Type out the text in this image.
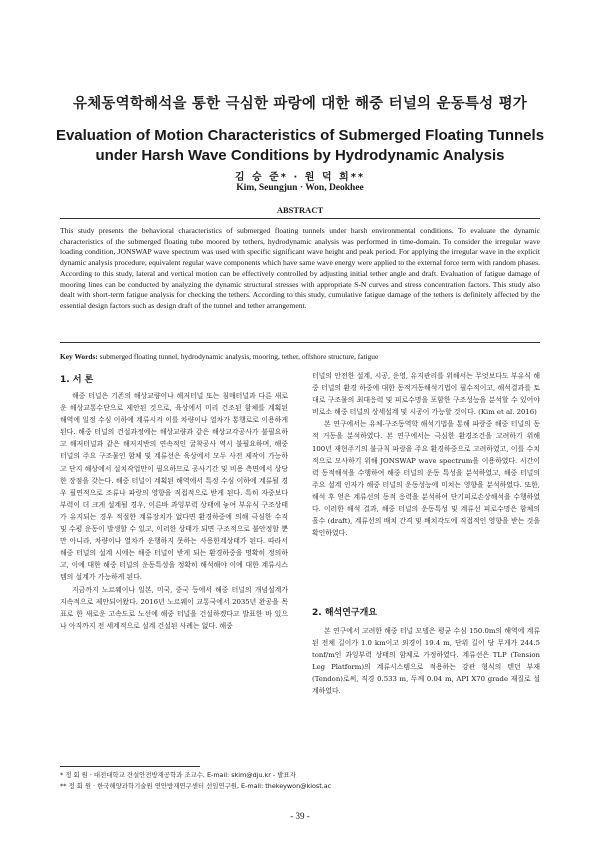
유체동역학해석을 통한 극심한 파랑에 대한 해중 터널의 운동특성 평가
Evaluation of Motion Characteristics of Submerged Floating Tunnels under Harsh Wave Conditions by Hydrodynamic Analysis
김 승 준* · 원 덕 희**
Kim, Seungjun · Won, Deokhee
ABSTRACT
This study presents the behavioral characteristics of submerged floating tunnels under harsh environmental conditions. To evaluate the dynamic characteristics of the submerged floating tube moored by tethers, hydrodynamic analysis was performed in time-domain. To consider the irregular wave loading condition, JONSWAP wave spectrum was used with specific significant wave height and peak period. For applying the irregular wave in the explicit dynamic analysis procedure, equivalent regular wave components which have same wave energy were applied to the external force term with random phases. According to this study, lateral and vertical motion can be effectively controlled by adjusting initial tether angle and draft. Evaluation of fatigue damage of mooring lines can be conducted by analyzing the dynamic structural stresses with appropriate S-N curves and stress concentration factors. This study also dealt with short-term fatigue analysis for checking the tethers. According to this study, cumulative fatigue damage of the tethers is definitely affected by the essential design factors such as design draft of the tunnel and tether arrangement.
Key Words: submerged floating tunnel, hydrodynamic analysis, mooring, tether, offshore structure, fatigue
1. 서 론

해중 터널은 기존의 해상교량이나 해저터널 또는 침매터널과 다른 새로운 해상교통수단으로 제안된 것으로, 육상에서 미리 건조된 함체를 계획된 해역에 일정 수심 이하에 계류시켜 이를 차량이나 열차가 통행로로 이용하게 된다. 해중 터널의 건설과정에는 해상교량과 같은 해상교각공사가 불필요하고 해저터널과 같은 해저지반의 연속적인 굴착공사 역시 불필요하며, 해중 터널의 주요 구조물인 함체 및 계류선은 육상에서 모두 사전 제작이 가능하고 단지 해상에서 설치작업만이 필요하므로 공사기간 및 비용 측면에서 상당한 장점을 갖는다. 해중 터널이 계획된 해역에서 특정 수심 이하에 계류될 경우 필연적으로 조류나 파랑의 영향을 직접적으로 받게 된다. 특히 자중보다 부력이 더 크게 설계될 경우, 이른바 과잉부력 상태에 놓여 부유식 구조상태가 유지되는 경우 적절한 계류장치가 없다면 환경하중에 의해 극심한 수직 및 수평 운동이 발생할 수 있고, 이러한 상태가 되면 구조적으로 불안정할 뿐 만 아니라, 차량이나 열차가 운행하지 못하는 사용한계상태가 된다. 따라서 해중 터널의 설계 시에는 해중 터널이 받게 되는 환경하중을 명확히 정의하고, 이에 대한 해중 터널의 운동특성을 정확히 해석해야 이에 대한 계류시스템의 설계가 가능하게 된다.

지금까지 노르웨이나 일본, 미국, 중국 등에서 해중 터널의 개념설계가 지속적으로 제안되어왔다. 2016년 노르웨이 교통국에서 2035년 완공을 목표로 한 새로운 고속도로 노선에 해중 터널을 건설하겠다고 발표한 바 있으나 아직까지 전 세계적으로 설계 건설된 사례는 없다. 해중

터널의 안전한 설계, 시공, 운영, 유지관리를 위해서는 무엇보다도 부유식 해중 터널의 환경 하중에 대한 동적거동해석기법이 필수적이고, 해석결과를 토대로 구조물의 최대응력 및 피로수명을 포함한 구조성능을 분석할 수 있어야 비로소 해중 터널의 상세설계 및 시공이 가능할 것이다. (Kim et al. 2016)

본 연구에서는 유체-구조동역학 해석기법을 통해 파랑중 해중 터널의 동적 거동을 분석하였다. 본 연구에서는 극심한 환경조건을 고려하기 위해 100년 재현주기의 불규칙 파랑을 주요 환경하중으로 고려하였고, 이를 수치적으로 모사하기 위해 JONSWAP wave spectrum을 이용하였다. 시간이력 동적해석을 수행하여 해중 터널의 운동 특성을 분석하였고, 해중 터널의 주요 설계 인자가 해중 터널의 운동성능에 미치는 영향을 분석하였다. 또한, 해석 후 얻은 계류선의 동적 응력을 분석하여 단기피로손상해석을 수행하였다. 이러한 해석 결과, 해중 터널의 운동특성 및 계류선 피로수명은 함체의 흘수 (draft), 계류선의 배치 간격 및 배치각도에 직접적인 영향을 받는 것을 확인하였다.

2. 해석연구개요

본 연구에서 고려한 해중 터널 모델은 평균 수심 150.0m의 해역에 계류된 전체 길이가 1.0 km이고 외경이 19.4 m, 단위 길이 당 무게가 244.5 tonf/m인 과잉부력 상태의 함체로 가정하였다. 계류선은 TLP (Tension Leg Platform)의 계류시스템으로 적용하는 강관 형식의 텐던 부재 (Tendon)로써, 직경 0.533 m, 두께 0.04 m, API X70 grade 재질로 설계하였다.

* 정 회 원 · 대전대학교 건설안전방재공학과 조교수, E-mail: skim@dju.kr - 발표자
** 정 회 원 · 한국해양과학기술원 연안방재연구센터 선임연구원, E-mail: thekeywon@kiost.ac
- 39 -
